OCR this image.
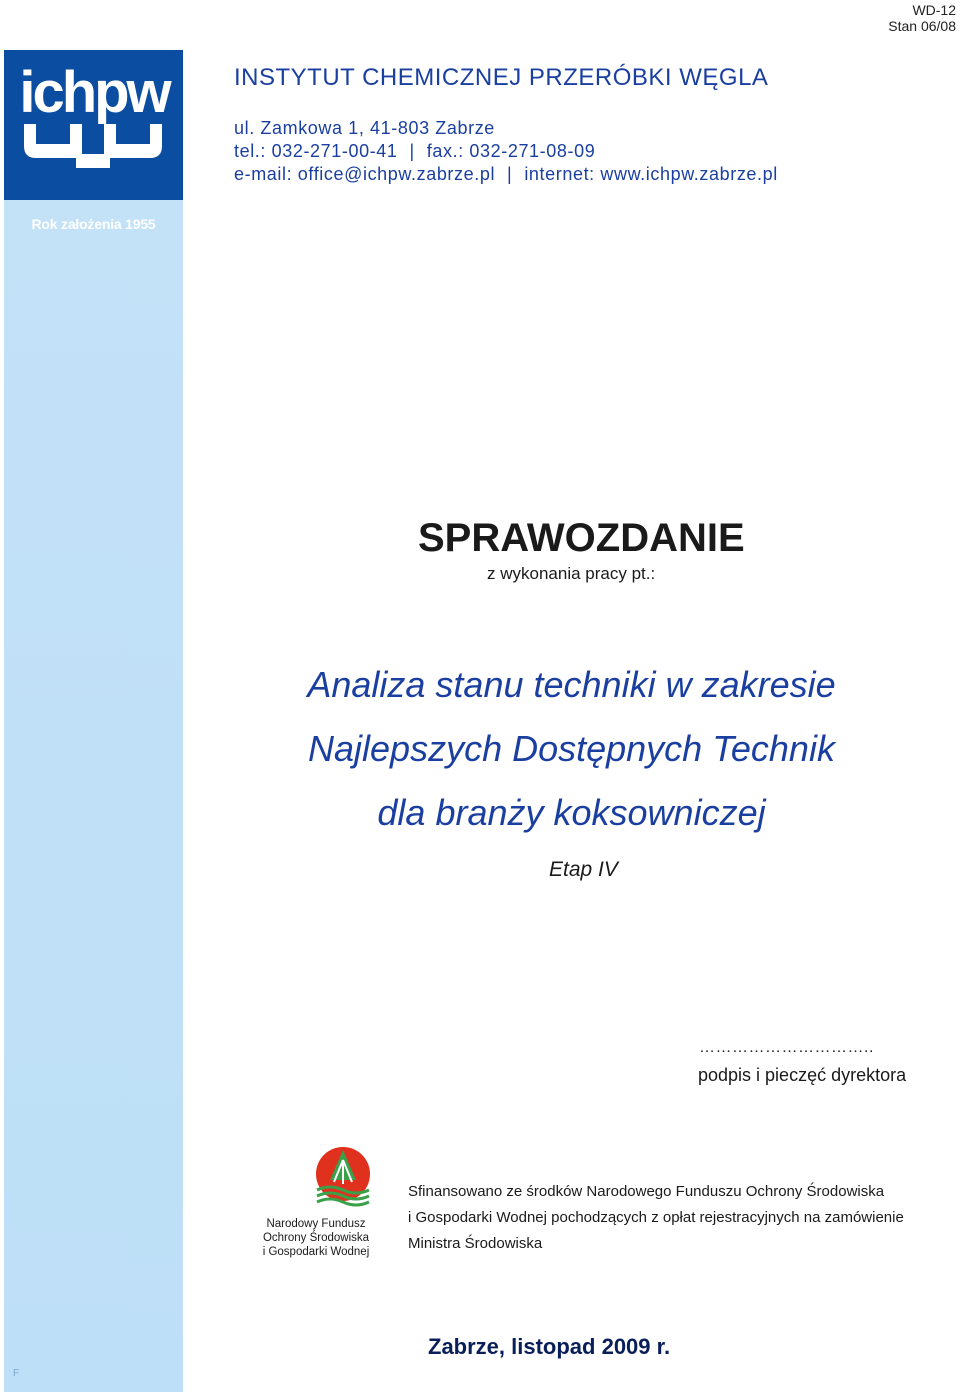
WD-12
Stan 06/08
ichpw
Rok założenia 1955
INSTYTUT CHEMICZNEJ PRZERÓBKI WĘGLA
ul. Zamkowa 1, 41-803 Zabrze
tel.: 032-271-00-41 | fax.: 032-271-08-09
e-mail: office@ichpw.zabrze.pl | internet: www.ichpw.zabrze.pl
SPRAWOZDANIE
z wykonania pracy pt.:
Analiza stanu techniki w zakresie
Najlepszych Dostępnych Technik
dla branży koksowniczej
Etap IV
…………………………..
podpis i pieczęć dyrektora
Narodowy Fundusz
Ochrony Środowiska
i Gospodarki Wodnej
Sfinansowano ze środków Narodowego Funduszu Ochrony Środowiska
i Gospodarki Wodnej pochodzących z opłat rejestracyjnych na zamówienie
Ministra Środowiska
Zabrze, listopad 2009 r.
F
